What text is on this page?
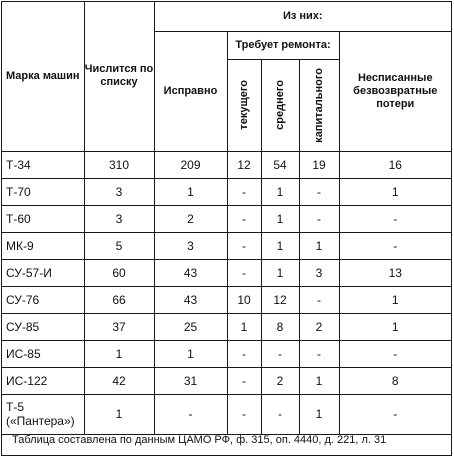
Марка машин	Числится по списку	Из них:				
		Исправно	Требует ремонта:			Несписанные безвозвратные потери

			текущего	среднего	капитального	

Т-34	310	209	12	54	19	16
Т-70	3	1	-	1	-	1
Т-60	3	2	-	1	-	-
МК-9	5	3	-	1	1	-
СУ-57-И	60	43	-	1	3	13
СУ-76	66	43	10	12	-	1
СУ-85	37	25	1	8	2	1
ИС-85	1	1	-	-	-	-
ИС-122	42	31	-	2	1	8
Т-5 («Пантера»)	1	-	-	-	1	-
Таблица составлена по данным ЦАМО РФ, ф. 315, оп. 4440, д. 221, л. 31
